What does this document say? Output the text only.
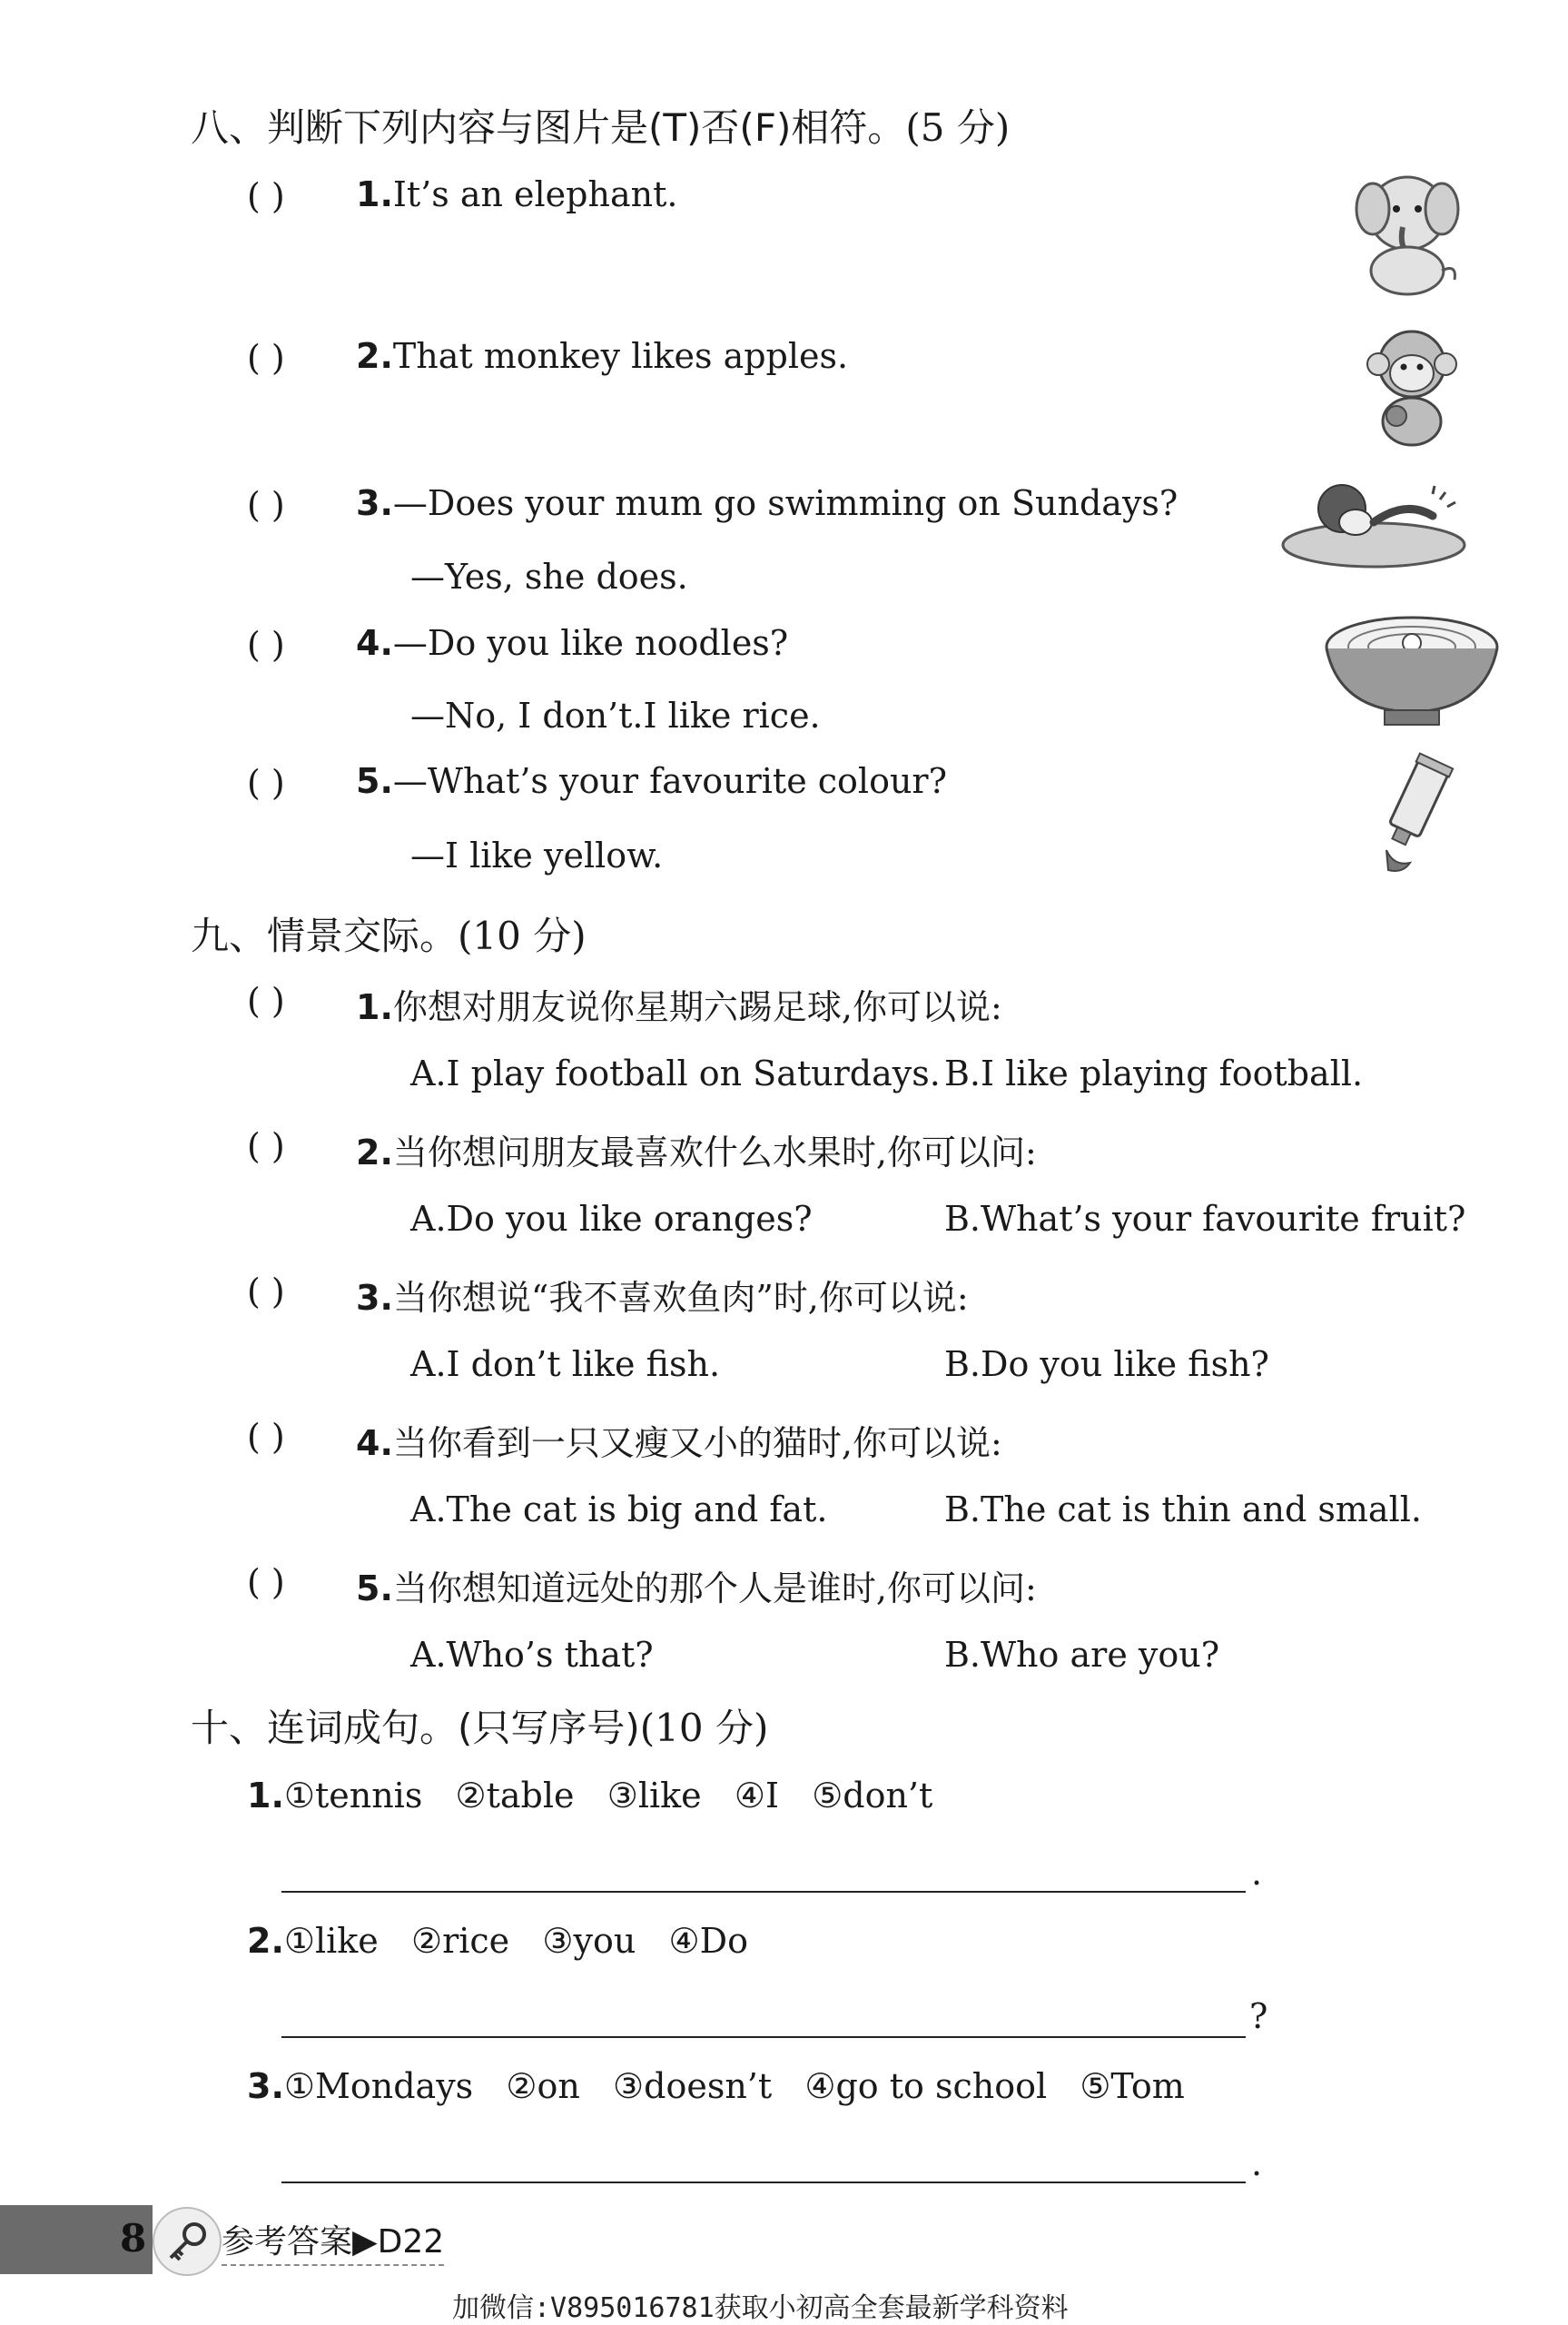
八、判断下列内容与图片是(T)否(F)相符。(5 分)
( ) 1.It’s an elephant.
( ) 2.That monkey likes apples.
( ) 3.—Does your mum go swimming on Sundays?
—Yes, she does.
( ) 4.—Do you like noodles?
—No, I don’t.I like rice.
( ) 5.—What’s your favourite colour?
—I like yellow.
九、情景交际。(10 分)
( ) 1.你想对朋友说你星期六踢足球,你可以说:
A.I play football on Saturdays. B.I like playing football.
( ) 2.当你想问朋友最喜欢什么水果时,你可以问:
A.Do you like oranges?	B.What’s your favourite fruit?
( ) 3.当你想说“我不喜欢鱼肉”时,你可以说:
A.I don’t like fish.	B.Do you like fish?
( ) 4.当你看到一只又瘦又小的猫时,你可以说:
A.The cat is big and fat.	B.The cat is thin and small.
( ) 5.当你想知道远处的那个人是谁时,你可以问:
A.Who’s that?	B.Who are you?
十、连词成句。(只写序号)(10 分)
1.①tennis   ②table   ③like   ④I   ⑤don’t
.
2.①like   ②rice   ③you   ④Do
?
3.①Mondays   ②on   ③doesn’t   ④go to school   ⑤Tom
.
8 参考答案▶D22
加微信:V895016781获取小初高全套最新学科资料
